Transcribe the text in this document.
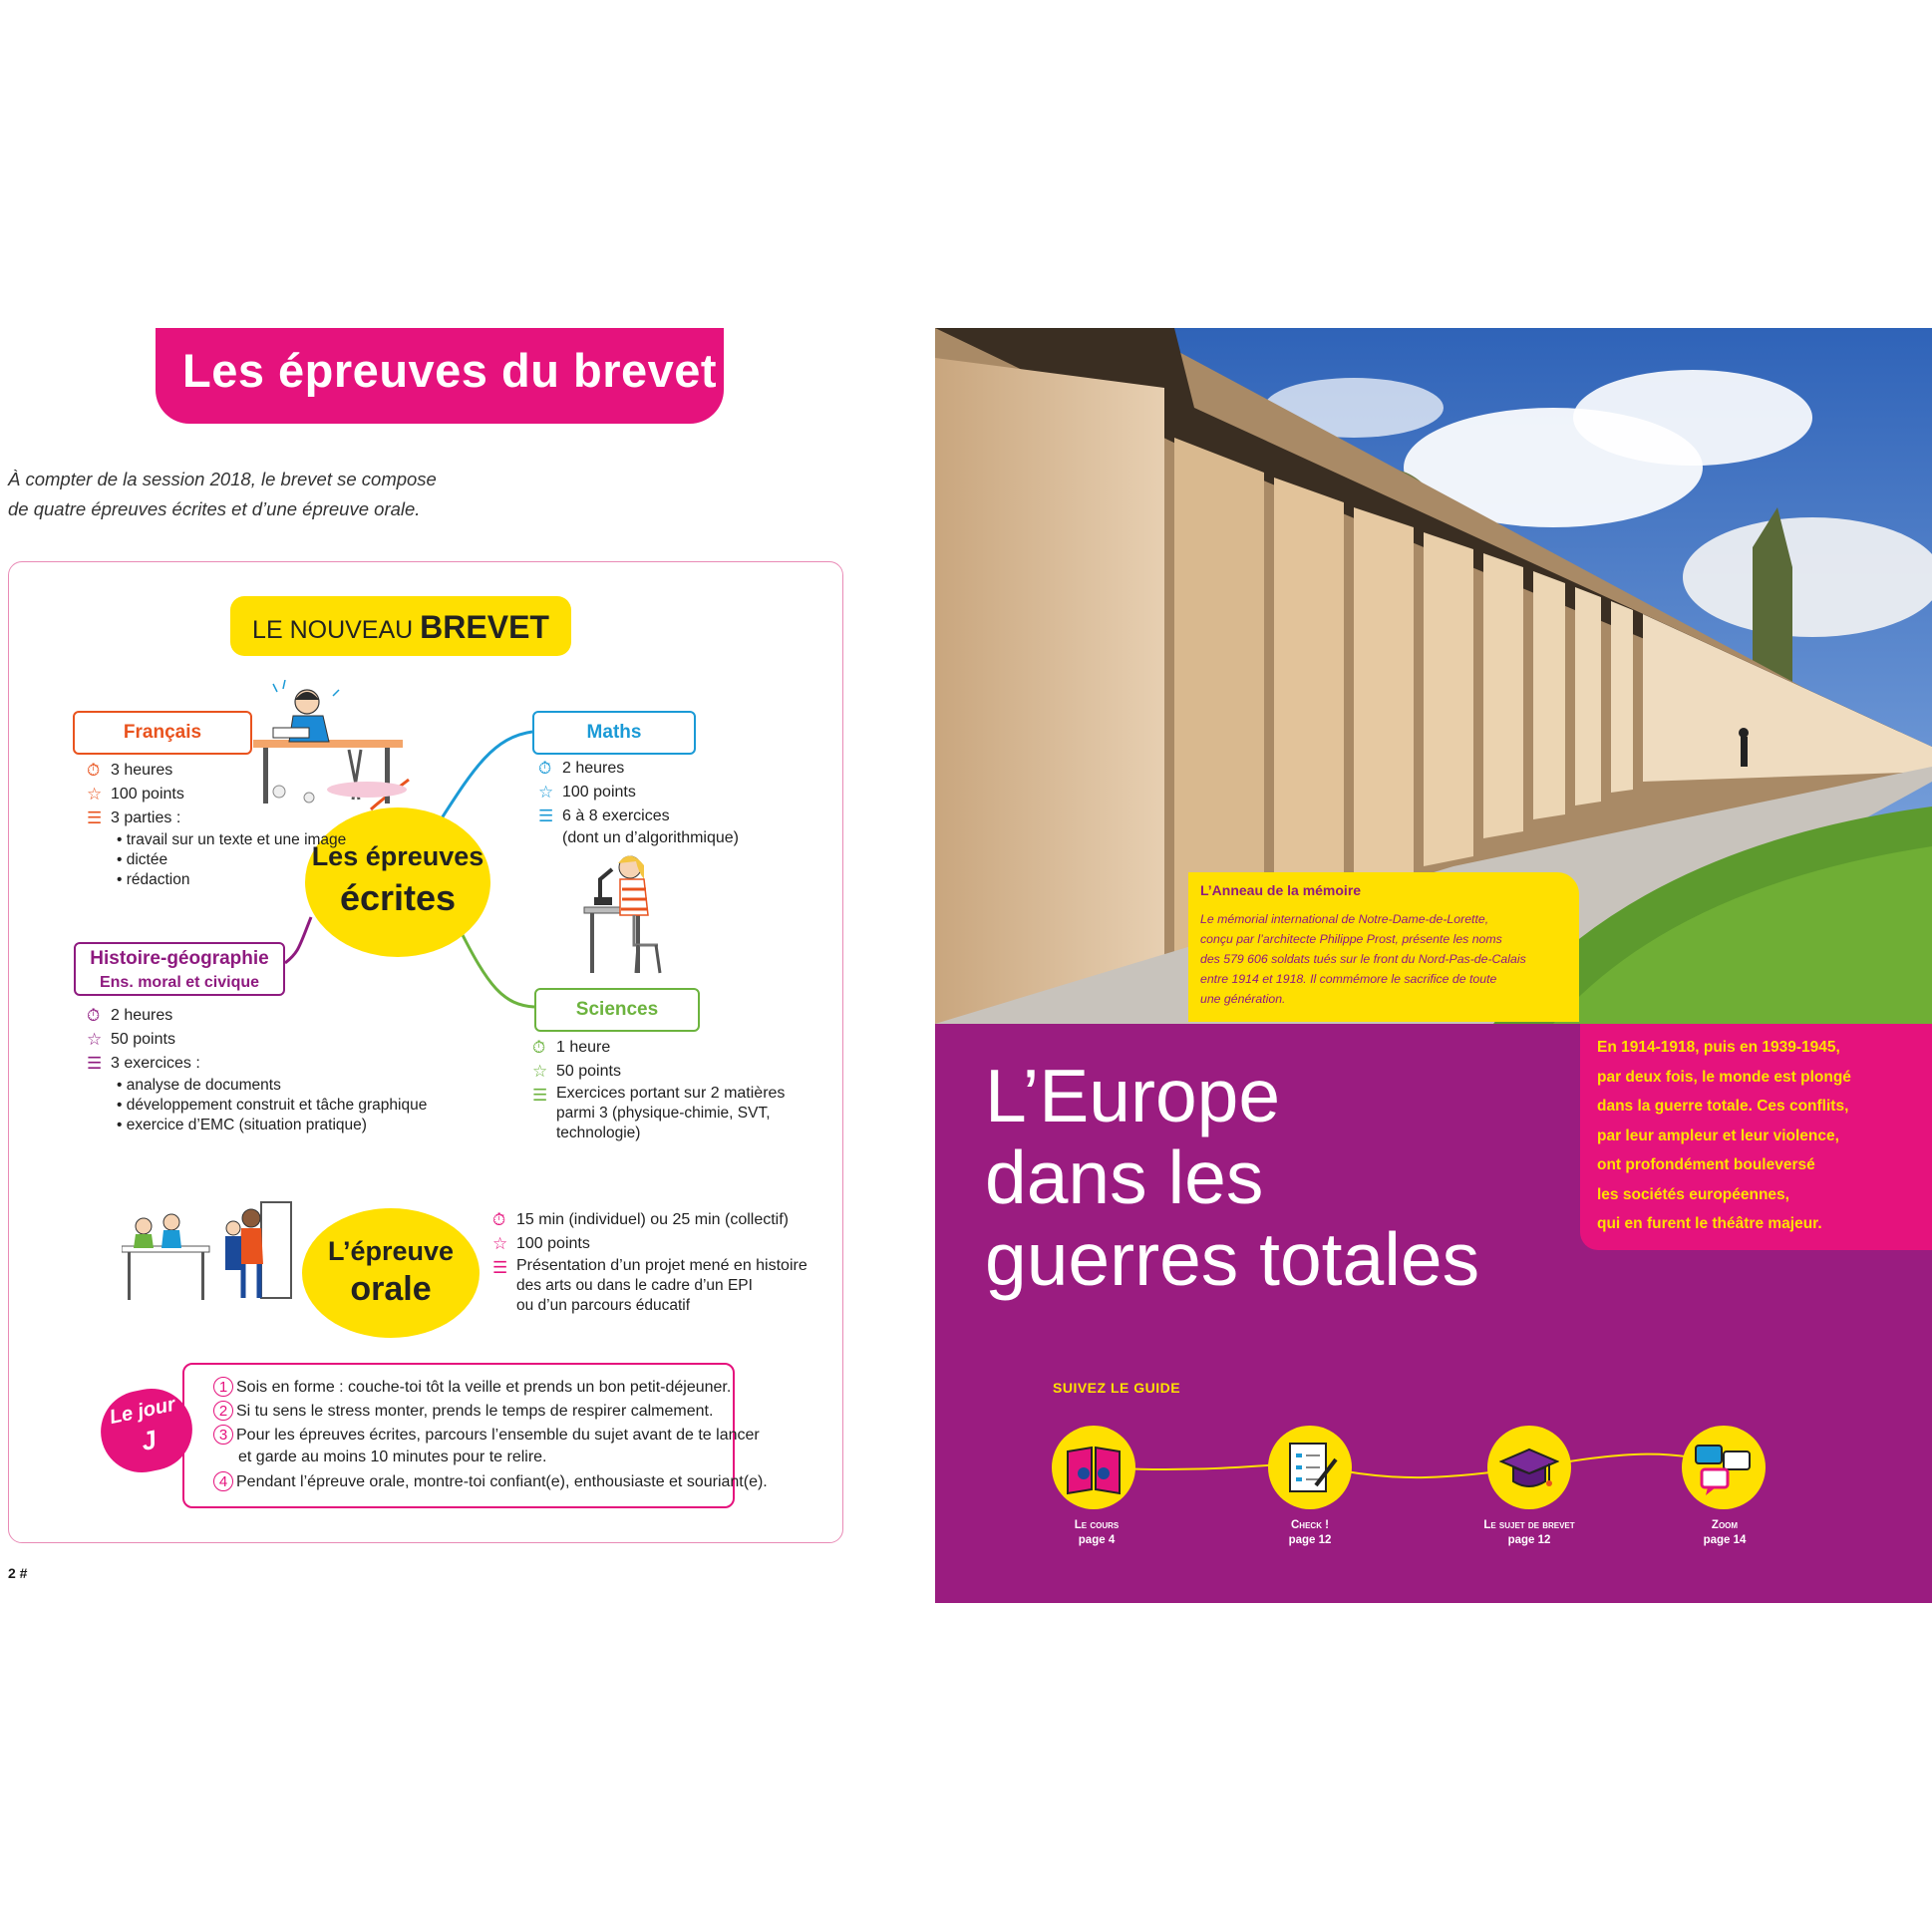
Les épreuves du brevet
À compter de la session 2018, le brevet se compose
de quatre épreuves écrites et d’une épreuve orale.
LE NOUVEAU BREVET
Français	Maths
Sciences
Histoire-géographie
Ens. moral et civique
Les épreuves
écrites
L’épreuve
orale
⏱ 3 heures
☆ 100 points
☰ 3 parties :
• travail sur un texte et une image
• dictée
• rédaction
⏱ 2 heures
☆ 100 points
☰ 6 à 8 exercices
(dont un d’algorithmique)
⏱ 2 heures
☆ 50 points
☰ 3 exercices :
• analyse de documents
• développement construit et tâche graphique
• exercice d’EMC (situation pratique)
⏱ 1 heure
☆ 50 points
☰ Exercices portant sur 2 matières
parmi 3 (physique-chimie, SVT,
technologie)
⏱ 15 min (individuel) ou 25 min (collectif)
☆ 100 points
☰ Présentation d’un projet mené en histoire
des arts ou dans le cadre d’un EPI
ou d’un parcours éducatif
Le jour
J
1 Sois en forme : couche-toi tôt la veille et prends un bon petit-déjeuner.
2 Si tu sens le stress monter, prends le temps de respirer calmement.
3 Pour les épreuves écrites, parcours l’ensemble du sujet avant de te lancer
et garde au moins 10 minutes pour te relire.
4 Pendant l’épreuve orale, montre-toi confiant(e), enthousiaste et souriant(e).
2 #
L’Anneau de la mémoire
Le mémorial international de Notre-Dame-de-Lorette,
conçu par l’architecte Philippe Prost, présente les noms
des 579 606 soldats tués sur le front du Nord-Pas-de-Calais
entre 1914 et 1918. Il commémore le sacrifice de toute
une génération.
L’Europe
dans les
guerres totales
En 1914-1918, puis en 1939-1945,
par deux fois, le monde est plongé
dans la guerre totale. Ces conflits,
par leur ampleur et leur violence,
ont profondément bouleversé
les sociétés européennes,
qui en furent le théâtre majeur.
SUIVEZ LE GUIDE
Le cours
page 4
Check !
page 12
Le sujet de brevet
page 12
Zoom
page 14
